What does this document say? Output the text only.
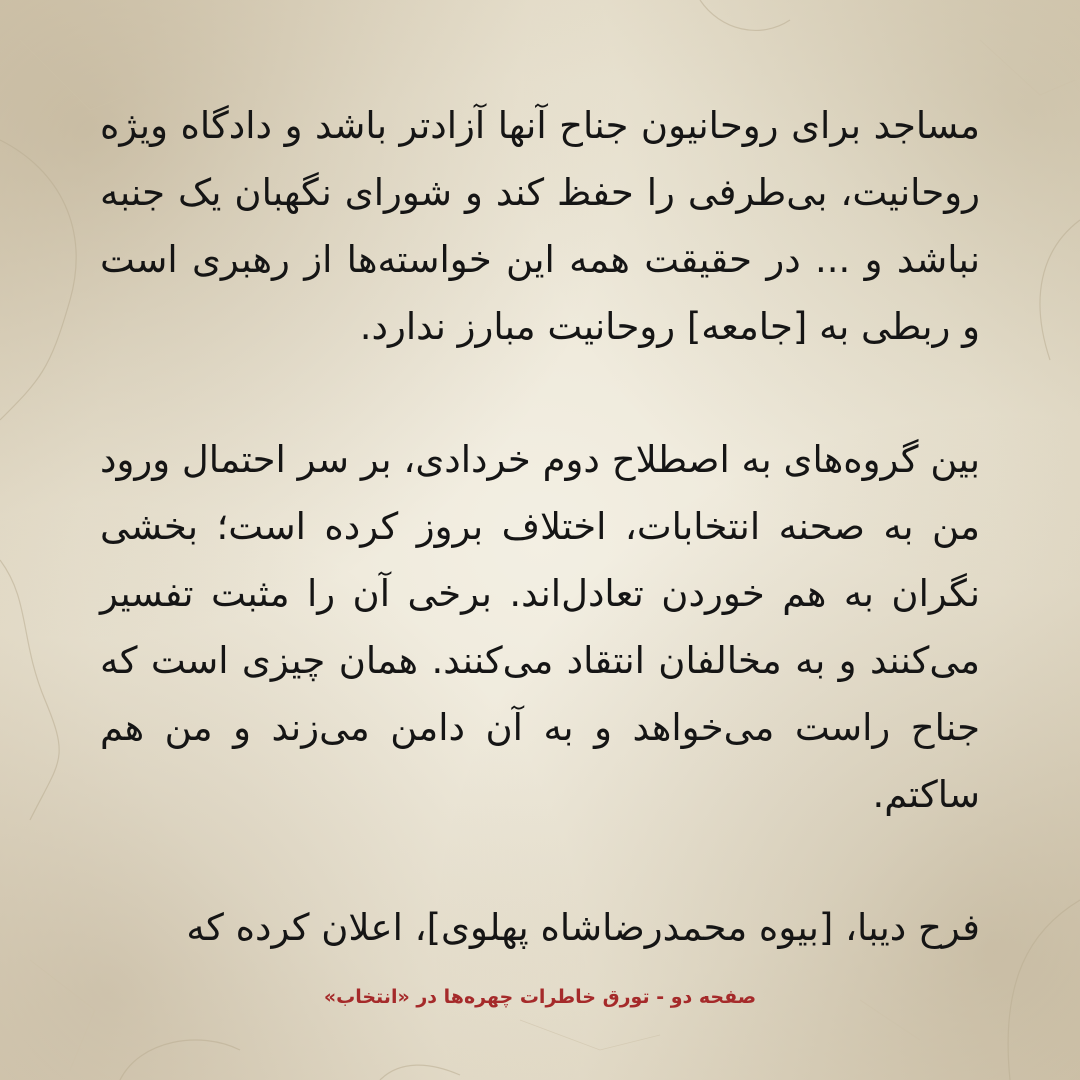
مساجد برای روحانیون جناح آنها آزادتر باشد و دادگاه ویژه روحانیت، بی‌طرفی را حفظ کند و شورای نگهبان یک جنبه نباشد و ... در حقیقت همه این خواسته‌ها از رهبری است و ربطی به [جامعه] روحانیت مبارز ندارد.

بین گروه‌های به اصطلاح دوم خردادی، بر سر احتمال ورود من به صحنه انتخابات، اختلاف بروز کرده است؛ بخشی نگران به هم خوردن تعادل‌اند. برخی آن را مثبت تفسیر می‌کنند و به مخالفان انتقاد می‌کنند. همان چیزی است که جناح راست می‌خواهد و به آن دامن می‌زند و من هم ساکتم.

فرح دیبا، [بیوه محمدرضاشاه پهلوی]، اعلان کرده که

صفحه دو - تورق خاطرات چهره‌ها در «انتخاب»
